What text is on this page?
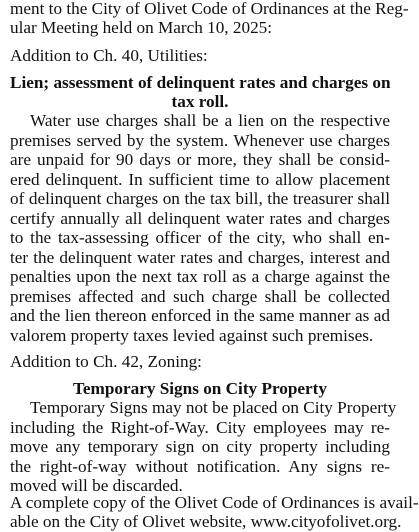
ment to the City of Olivet Code of Ordinances at the Reg-
ular Meeting held on March 10, 2025:
Addition to Ch. 40, Utilities:
Lien; assessment of delinquent rates and charges on
tax roll.
Water use charges shall be a lien on the respective
premises served by the system. Whenever use charges
are unpaid for 90 days or more, they shall be consid-
ered delinquent. In sufficient time to allow placement
of delinquent charges on the tax bill, the treasurer shall
certify annually all delinquent water rates and charges
to the tax-assessing officer of the city, who shall en-
ter the delinquent water rates and charges, interest and
penalties upon the next tax roll as a charge against the
premises affected and such charge shall be collected
and the lien thereon enforced in the same manner as ad
valorem property taxes levied against such premises.
Addition to Ch. 42, Zoning:
Temporary Signs on City Property
Temporary Signs may not be placed on City Property
including the Right-of-Way. City employees may re-
move any temporary sign on city property including
the right-of-way without notification. Any signs re-
moved will be discarded.
A complete copy of the Olivet Code of Ordinances is avail-
able on the City of Olivet website, www.cityofolivet.org.
